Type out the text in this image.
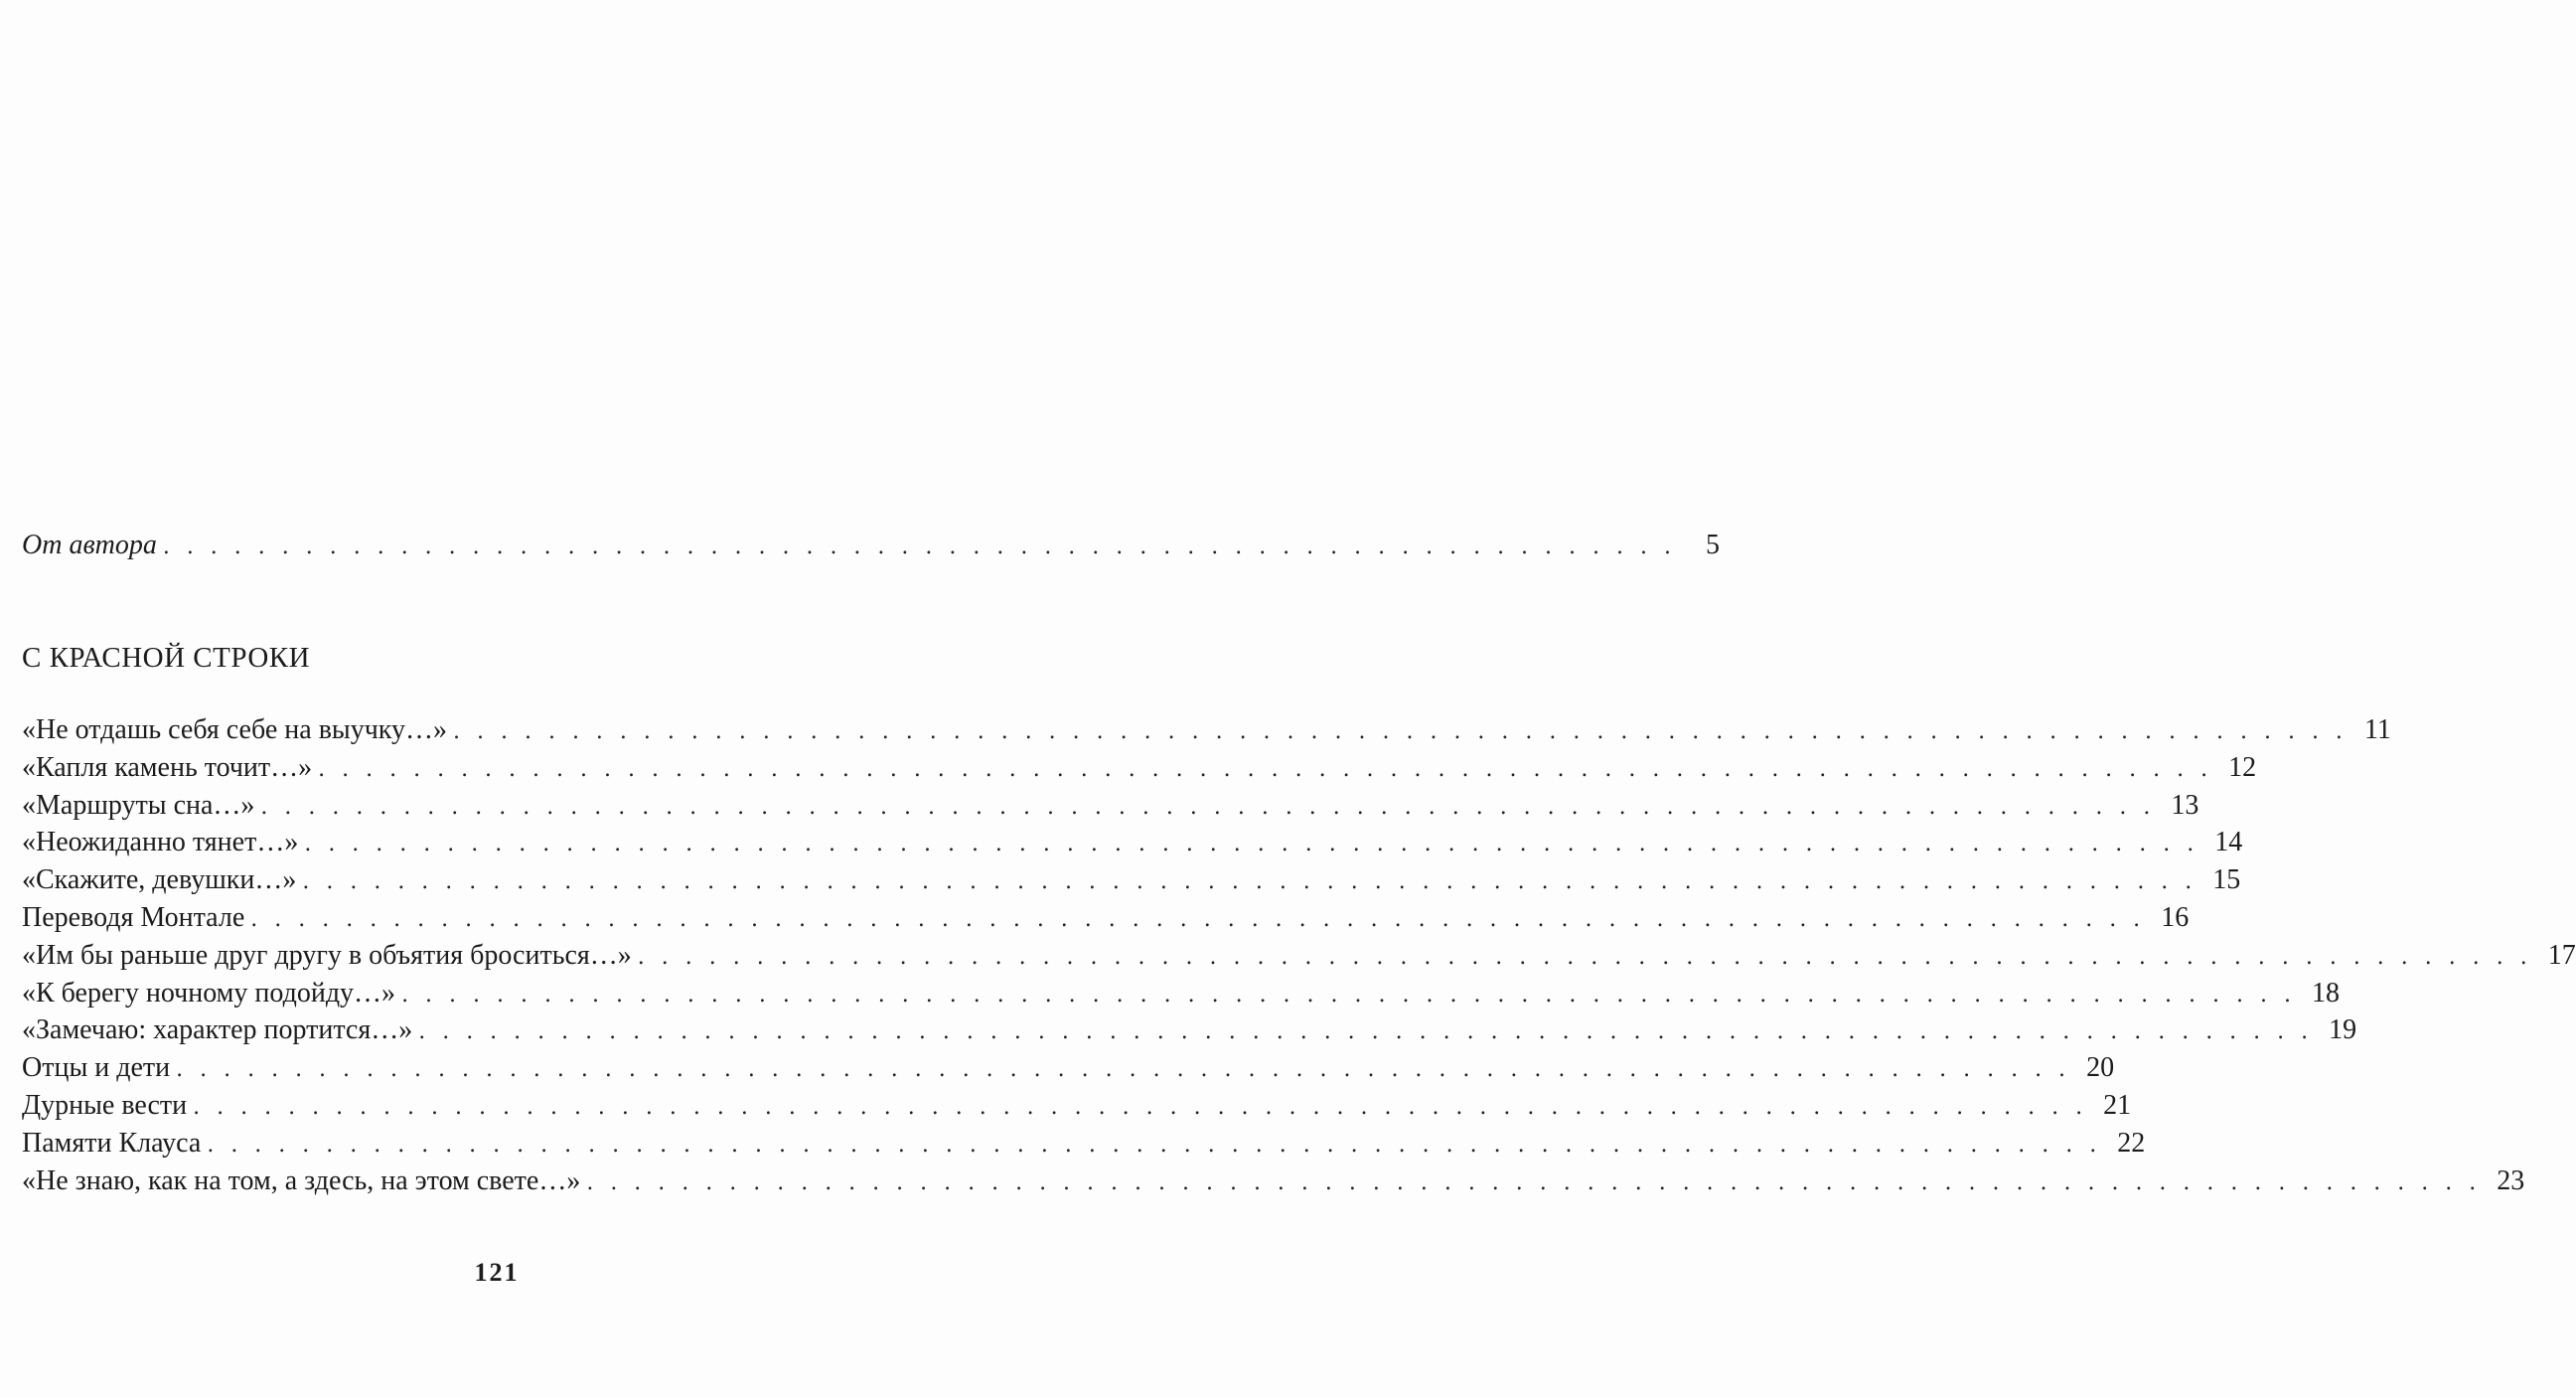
От автора . . . . . . . . . . . . . . . . . . . . . . . . . . . . . . . . . . . . . . . . . . . . . . . . . . . . . . . . . . . . . . . .	5
С КРАСНОЙ СТРОКИ
«Не отдашь себя себе на выучку…» . . . . . . . . . . . . . . . . . . . . . . . . . . . . . . . . . . . . . . . . . . . . . . . . . . . . . . . . . . . . . . . . . . . . . . . . . . . . . . . . 11
«Капля камень точит…» . . . . . . . . . . . . . . . . . . . . . . . . . . . . . . . . . . . . . . . . . . . . . . . . . . . . . . . . . . . . . . . . . . . . . . . . . . . . . . . . 12
«Маршруты сна…» . . . . . . . . . . . . . . . . . . . . . . . . . . . . . . . . . . . . . . . . . . . . . . . . . . . . . . . . . . . . . . . . . . . . . . . . . . . . . . . . 13
«Неожиданно тянет…» . . . . . . . . . . . . . . . . . . . . . . . . . . . . . . . . . . . . . . . . . . . . . . . . . . . . . . . . . . . . . . . . . . . . . . . . . . . . . . . . 14
«Скажите, девушки…» . . . . . . . . . . . . . . . . . . . . . . . . . . . . . . . . . . . . . . . . . . . . . . . . . . . . . . . . . . . . . . . . . . . . . . . . . . . . . . . . 15
Переводя Монтале . . . . . . . . . . . . . . . . . . . . . . . . . . . . . . . . . . . . . . . . . . . . . . . . . . . . . . . . . . . . . . . . . . . . . . . . . . . . . . . . 16
«Им бы раньше друг другу в объятия броситься…» . . . . . . . . . . . . . . . . . . . . . . . . . . . . . . . . . . . . . . . . . . . . . . . . . . . . . . . . . . . . . . . . . . . . . . . . . . . . . . . . 17
«К берегу ночному подойду…» . . . . . . . . . . . . . . . . . . . . . . . . . . . . . . . . . . . . . . . . . . . . . . . . . . . . . . . . . . . . . . . . . . . . . . . . . . . . . . . . 18
«Замечаю: характер портится…» . . . . . . . . . . . . . . . . . . . . . . . . . . . . . . . . . . . . . . . . . . . . . . . . . . . . . . . . . . . . . . . . . . . . . . . . . . . . . . . . 19
Отцы и дети . . . . . . . . . . . . . . . . . . . . . . . . . . . . . . . . . . . . . . . . . . . . . . . . . . . . . . . . . . . . . . . . . . . . . . . . . . . . . . . . 20
Дурные вести . . . . . . . . . . . . . . . . . . . . . . . . . . . . . . . . . . . . . . . . . . . . . . . . . . . . . . . . . . . . . . . . . . . . . . . . . . . . . . . . 21
Памяти Клауса . . . . . . . . . . . . . . . . . . . . . . . . . . . . . . . . . . . . . . . . . . . . . . . . . . . . . . . . . . . . . . . . . . . . . . . . . . . . . . . . 22
«Не знаю, как на том, а здесь, на этом свете…» . . . . . . . . . . . . . . . . . . . . . . . . . . . . . . . . . . . . . . . . . . . . . . . . . . . . . . . . . . . . . . . . . . . . . . . . . . . . . . . . 23
121
